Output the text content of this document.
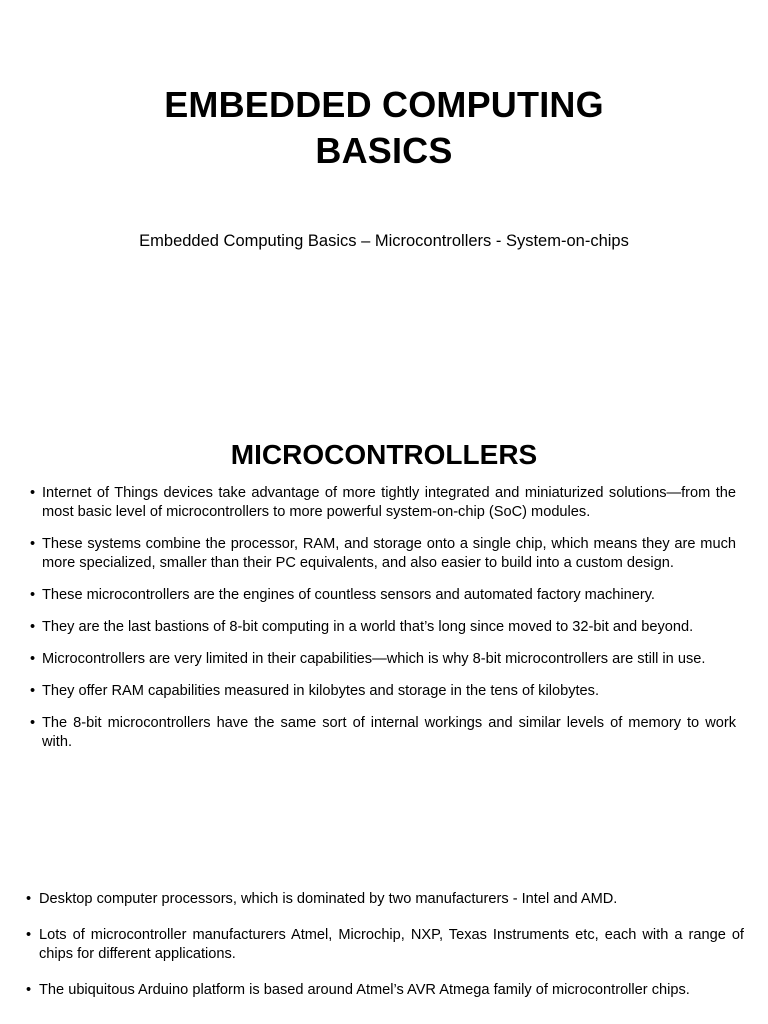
EMBEDDED COMPUTING
BASICS

Embedded Computing Basics – Microcontrollers - System-on-chips

MICROCONTROLLERS
• Internet of Things devices take advantage of more tightly integrated and miniaturized solutions—from the most basic level of microcontrollers to more powerful system-on-chip (SoC) modules.
• These systems combine the processor, RAM, and storage onto a single chip, which means they are much more specialized, smaller than their PC equivalents, and also easier to build into a custom design.
• These microcontrollers are the engines of countless sensors and automated factory machinery.
• They are the last bastions of 8-bit computing in a world that’s long since moved to 32-bit and beyond.
• Microcontrollers are very limited in their capabilities—which is why 8-bit microcontrollers are still in use.
• They offer RAM capabilities measured in kilobytes and storage in the tens of kilobytes.
• The 8-bit microcontrollers have the same sort of internal workings and similar levels of memory to work with.
• Desktop computer processors, which is dominated by two manufacturers - Intel and AMD.
• Lots of microcontroller manufacturers Atmel, Microchip, NXP, Texas Instruments etc, each with a range of chips for different applications.
• The ubiquitous Arduino platform is based around Atmel’s AVR Atmega family of microcontroller chips.
